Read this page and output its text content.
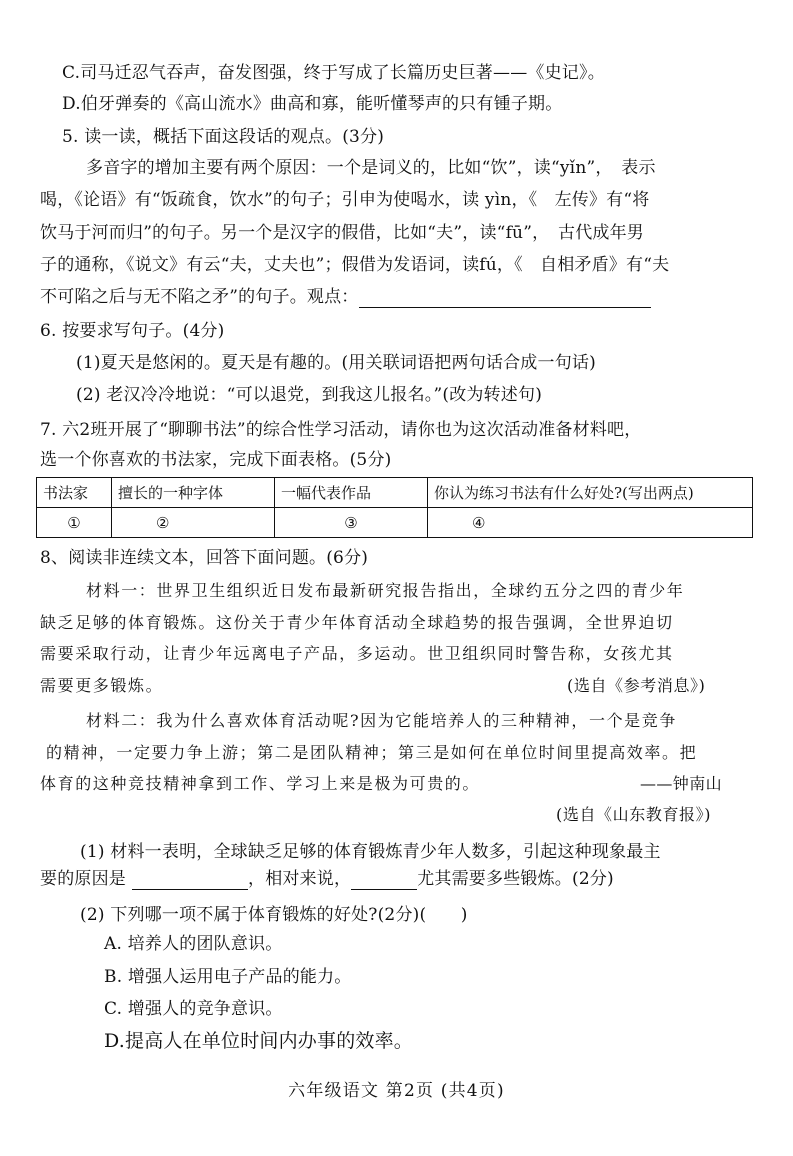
C.司马迁忍气吞声，奋发图强，终于写成了长篇历史巨著——《史记》。
D.伯牙弹奏的《高山流水》曲高和寡，能听懂琴声的只有锺子期。
5. 读一读，概括下面这段话的观点。(3分)
多音字的增加主要有两个原因：一个是词义的，比如“饮”，读“yǐn”，　表示
喝，《论语》有“饭疏食，饮水”的句子；引申为使喝水，读 yìn，《　左传》有“将
饮马于河而归”的句子。另一个是汉字的假借，比如“夫”，读“fū”，　古代成年男
子的通称，《说文》有云“夫，丈夫也”；假借为发语词，读fú，《　自相矛盾》有“夫
不可陷之后与无不陷之矛”的句子。观点：
6. 按要求写句子。(4分)
(1)夏天是悠闲的。夏天是有趣的。(用关联词语把两句话合成一句话)
(2) 老汉冷冷地说：“可以退党，到我这儿报名。”(改为转述句)
7. 六2班开展了“聊聊书法”的综合性学习活动，请你也为这次活动准备材料吧，
选一个你喜欢的书法家，完成下面表格。(5分)
书法家	擅长的一种字体	一幅代表作品	你认为练习书法有什么好处?(写出两点)
①	②	③	④
8、阅读非连续文本，回答下面问题。(6分)
材料一：世界卫生组织近日发布最新研究报告指出，全球约五分之四的青少年
缺乏足够的体育锻炼。这份关于青少年体育活动全球趋势的报告强调，全世界迫切
需要采取行动，让青少年远离电子产品，多运动。世卫组织同时警告称，女孩尤其
需要更多锻炼。	(选自《参考消息》)
材料二：我为什么喜欢体育活动呢?因为它能培养人的三种精神，一个是竞争
的精神，一定要力争上游；第二是团队精神；第三是如何在单位时间里提高效率。把
体育的这种竞技精神拿到工作、学习上来是极为可贵的。	——钟南山
(选自《山东教育报》)
(1) 材料一表明，全球缺乏足够的体育锻炼青少年人数多，引起这种现象最主
要的原因是	，相对来说，	尤其需要多些锻炼。(2分)
(2) 下列哪一项不属于体育锻炼的好处?(2分)(　　)
A. 培养人的团队意识。
B. 增强人运用电子产品的能力。
C. 增强人的竞争意识。
D.提高人在单位时间内办事的效率。
六年级语文 第2页 (共4页)
